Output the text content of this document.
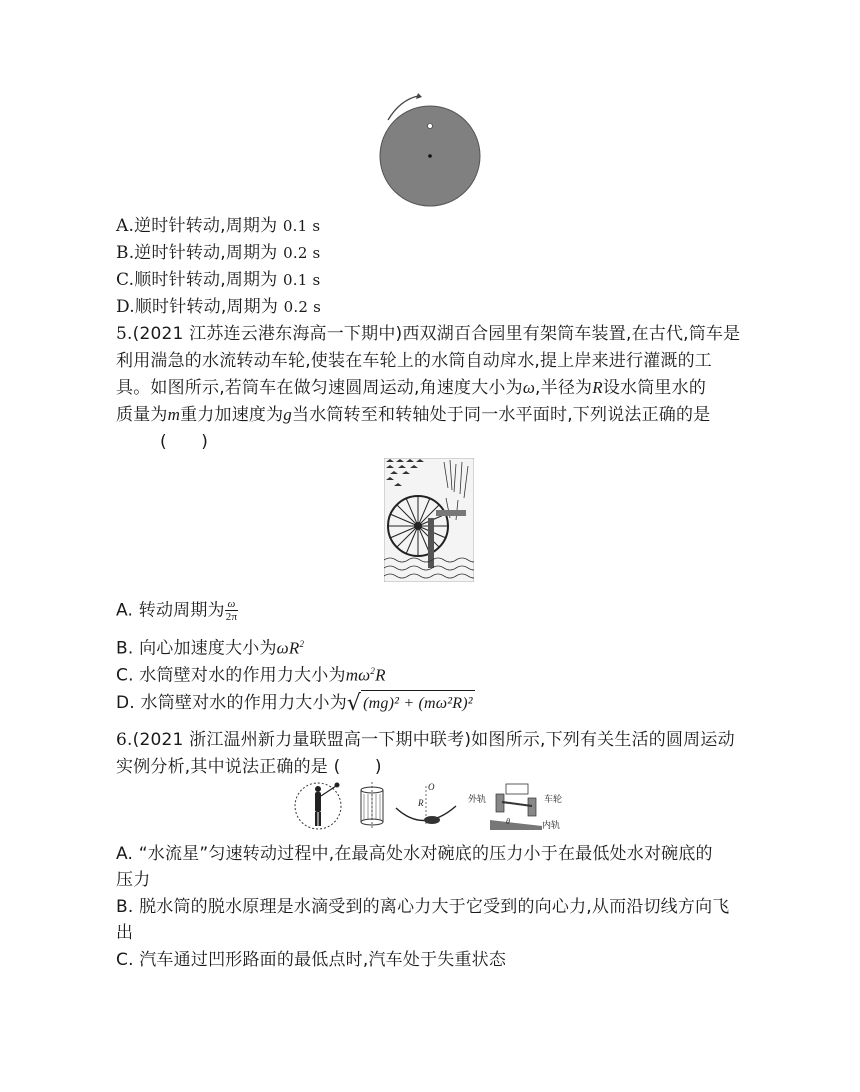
A.逆时针转动,周期为 0.1 s
B.逆时针转动,周期为 0.2 s
C.顺时针转动,周期为 0.1 s
D.顺时针转动,周期为 0.2 s
5.(2021 江苏连云港东海高一下期中)西双湖百合园里有架筒车装置,在古代,筒车是
利用湍急的水流转动车轮,使装在车轮上的水筒自动戽水,提上岸来进行灌溉的工
具。如图所示,若筒车在做匀速圆周运动,角速度大小为ω,半径为R设水筒里水的
质量为m重力加速度为g当水筒转至和转轴处于同一水平面时,下列说法正确的是
(　　)
A. 转动周期为 $\frac{\omega}{2\pi}$
B. 向心加速度大小为$\omega R^2$
C. 水筒壁对水的作用力大小为$m\omega^2R$
D. 水筒壁对水的作用力大小为√ (mg)² + (mω²R)²
6.(2021 浙江温州新力量联盟高一下期中联考)如图所示,下列有关生活的圆周运动
实例分析,其中说法正确的是 (　　)
O
R	外轨	车轮
内轨
θ
A. “水流星”匀速转动过程中,在最高处水对碗底的压力小于在最低处水对碗底的
压力
B. 脱水筒的脱水原理是水滴受到的离心力大于它受到的向心力,从而沿切线方向飞
出
C. 汽车通过凹形路面的最低点时,汽车处于失重状态
